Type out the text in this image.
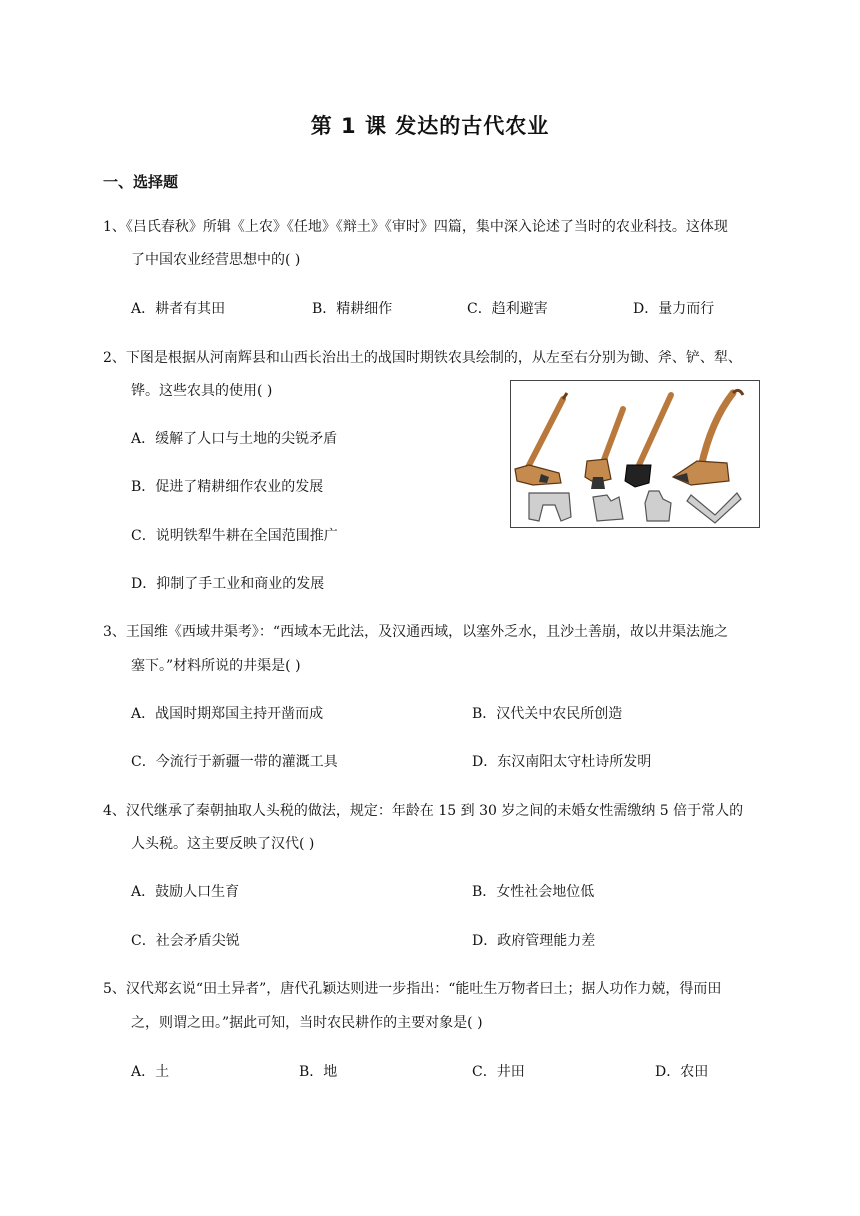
第 1 课 发达的古代农业
一、选择题
1、《吕氏春秋》所辑《上农》《任地》《辩土》《审时》四篇，集中深入论述了当时的农业科技。这体现
了中国农业经营思想中的( )
A．耕者有其田	B．精耕细作	C．趋利避害	D．量力而行
2、下图是根据从河南辉县和山西长治出土的战国时期铁农具绘制的，从左至右分别为锄、斧、铲、犁、
铧。这些农具的使用( )
A．缓解了人口与土地的尖锐矛盾
B．促进了精耕细作农业的发展
C．说明铁犁牛耕在全国范围推广
D．抑制了手工业和商业的发展
3、王国维《西域井渠考》：“西域本无此法，及汉通西域，以塞外乏水，且沙土善崩，故以井渠法施之
塞下。”材料所说的井渠是( )
A．战国时期郑国主持开凿而成	B．汉代关中农民所创造
C．今流行于新疆一带的灌溉工具	D．东汉南阳太守杜诗所发明
4、汉代继承了秦朝抽取人头税的做法，规定：年龄在 15 到 30 岁之间的未婚女性需缴纳 5 倍于常人的
人头税。这主要反映了汉代( )
A．鼓励人口生育	B．女性社会地位低
C．社会矛盾尖锐	D．政府管理能力差
5、汉代郑玄说“田土异者”，唐代孔颖达则进一步指出：“能吐生万物者曰土；据人功作力兢，得而田
之，则谓之田。”据此可知，当时农民耕作的主要对象是( )
A．土	B．地	C．井田	D．农田
